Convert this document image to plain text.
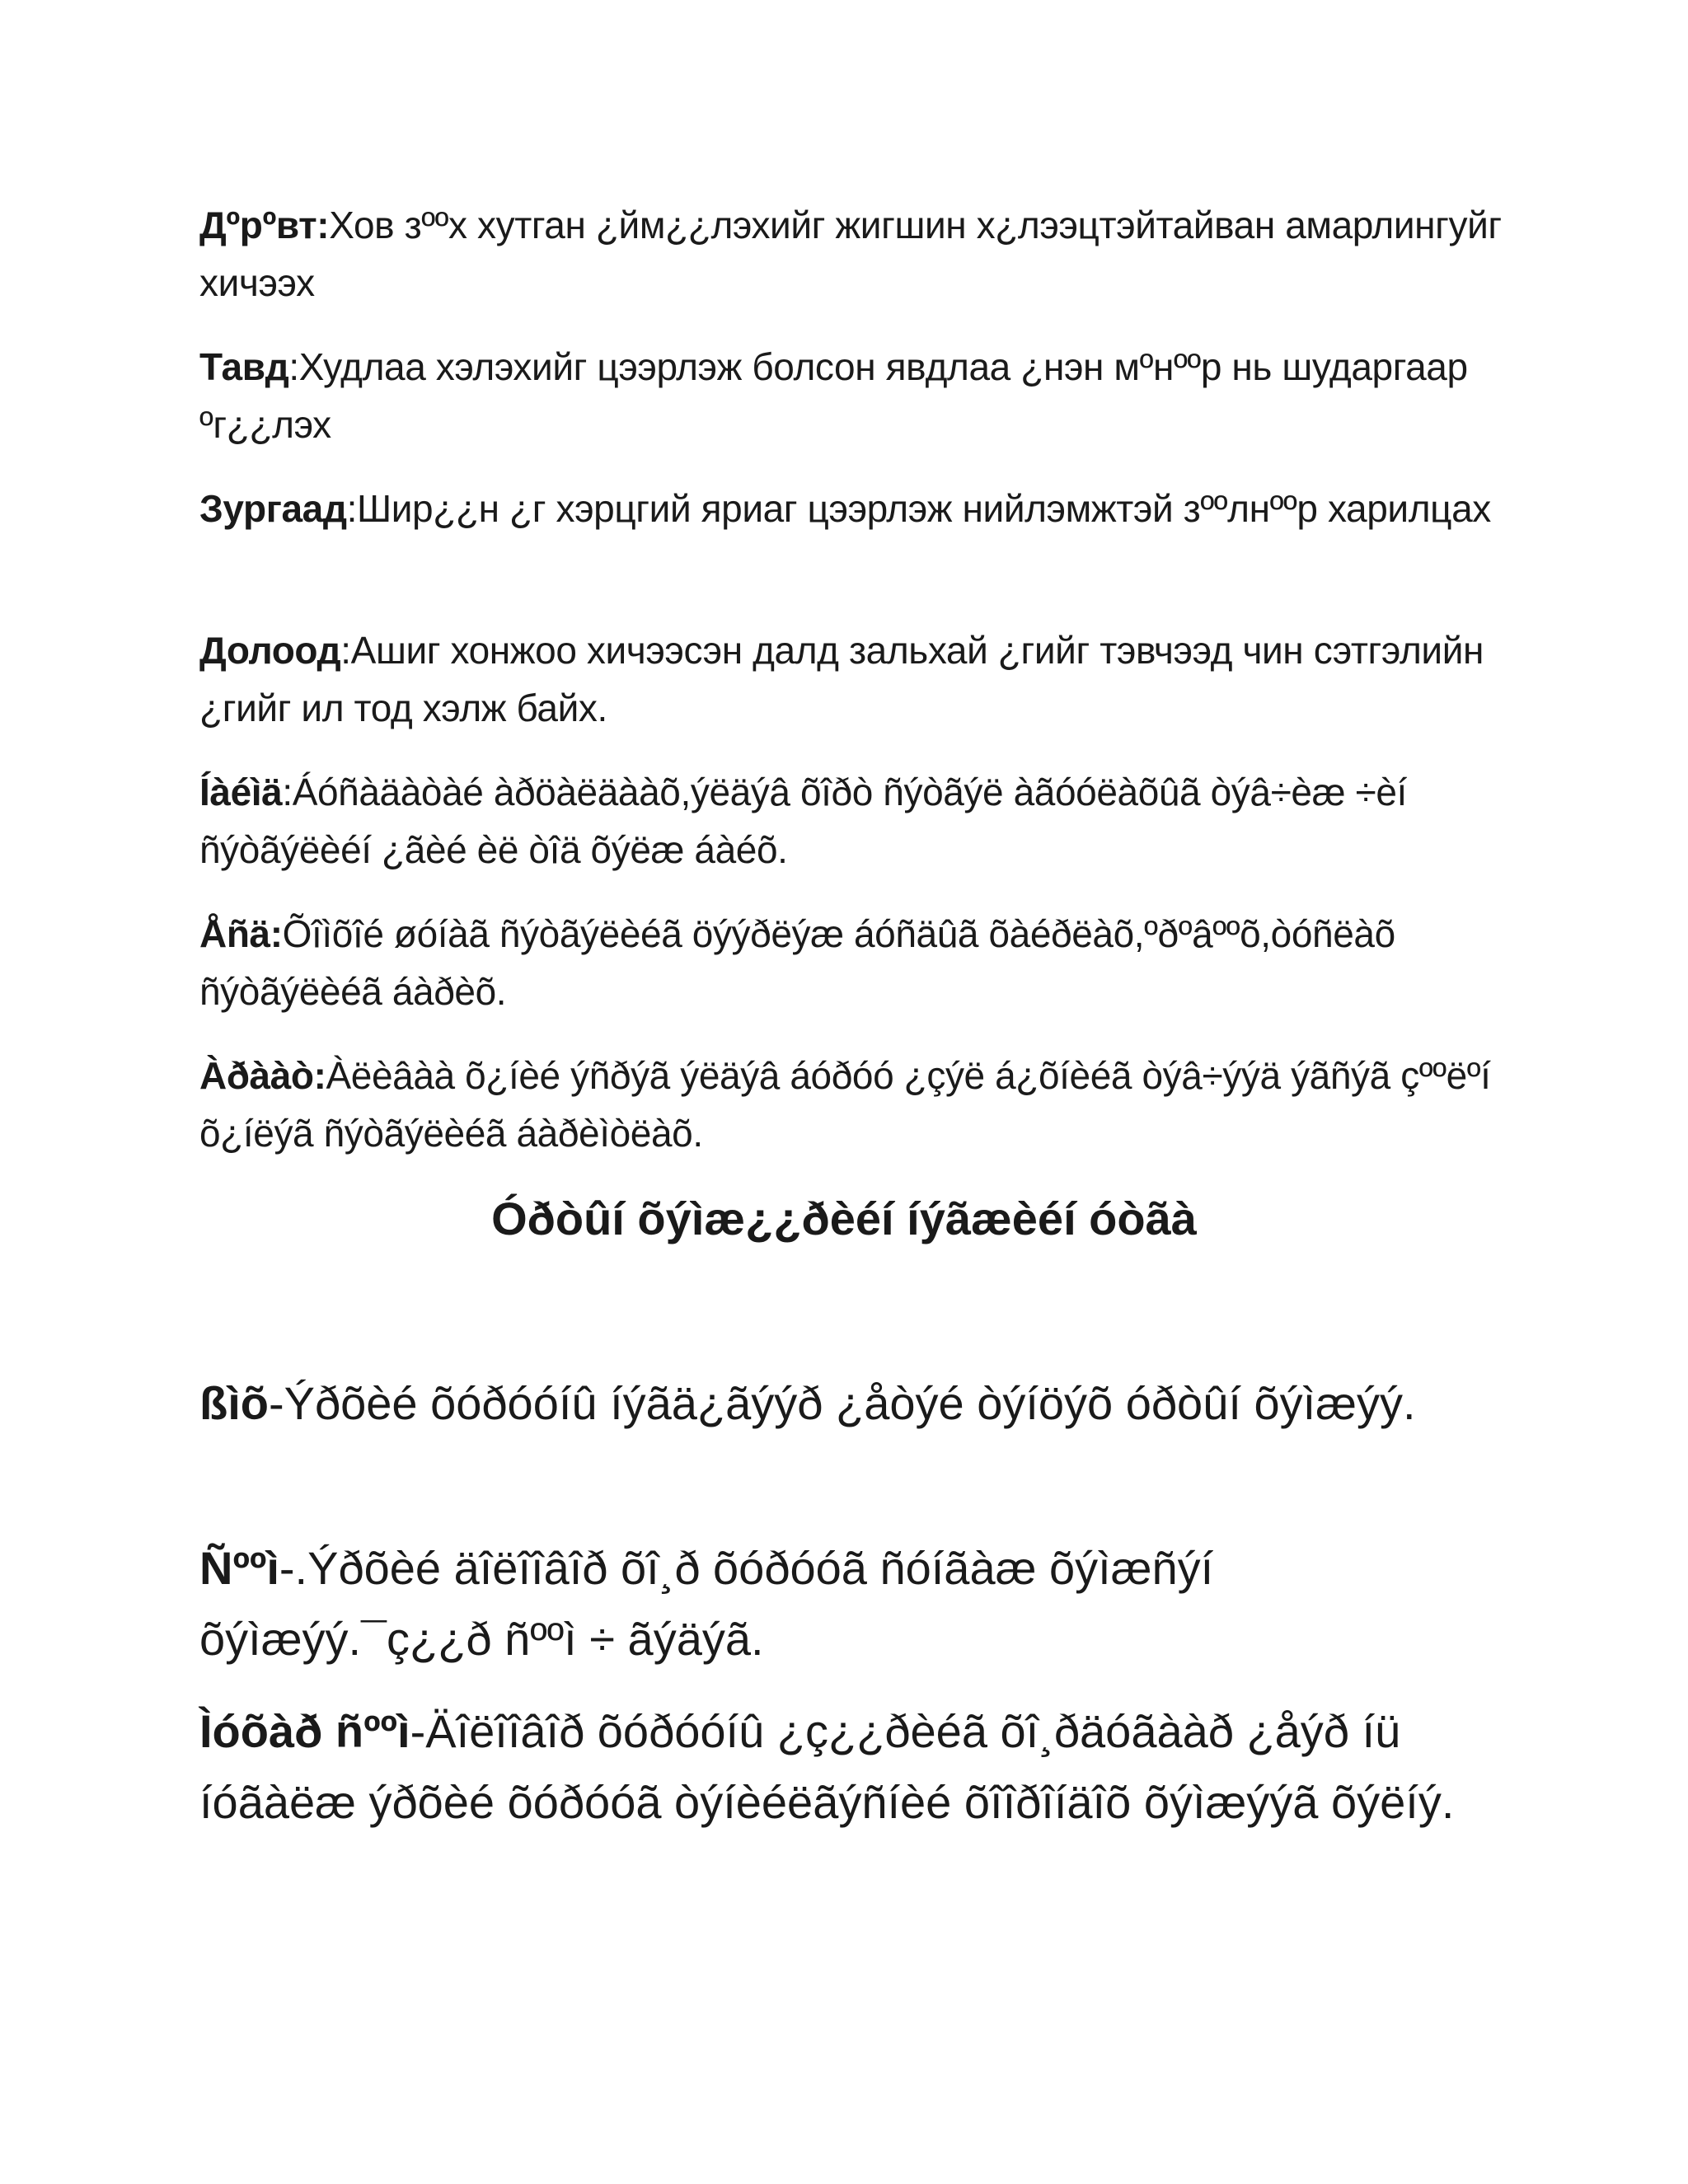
Дºрºвт:Хов зººх хутган ¿йм¿¿лэхийг жигшин х¿лээцтэйтайван амарлингуйг хичээх

Тавд:Худлаа хэлэхийг цээрлэж болсон явдлаа ¿нэн мºнººр нь шударгаар ºг¿¿лэх

Зургаад:Шир¿¿н ¿г хэрцгий яриаг цээрлэж нийлэмжтэй зººлнººр харилцах

Долоод:Ашиг хонжоо хичээсэн далд зальхай ¿гийг тэвчээд чин сэтгэлийн ¿гийг ил тод хэлж байх.

Íàéìä:Áóñàäàòàé àðöàëäààõ,ýëäýâ õîðò ñýòãýë àãóóëàõûã òýâ÷èæ ÷èí ñýòãýëèéí ¿ãèé èë òîä õýëæ áàéõ.

Åñä:Õîìõîé øóíàã ñýòãýëèéã öýýðëýæ áóñäûã õàéðëàõ,ºðºâººõ,òóñëàõ ñýòãýëèéã áàðèõ.

Àðààò:Àëèâàà õ¿íèé ýñðýã ýëäýâ áóðóó ¿çýë á¿õíèéã òýâ÷ýýä ýãñýã çººëºí õ¿íëýã ñýòãýëèéã áàðèìòëàõ.

Óðòûí õýìæ¿¿ðèéí íýãæèéí óòãà

ßìõ-Ýðõèé õóðóóíû íýãä¿ãýýð ¿åòýé òýíöýõ óðòûí õýìæýý.

Ñººì-.Ýðõèé äîëîîâîð õî¸ð õóðóóã ñóíãàæ õýìæñýí õýìæýý.¯ç¿¿ð ñººì ÷ ãýäýã.

Ìóõàð ñººì-Äîëîîâîð õóðóóíû ¿ç¿¿ðèéã õî¸ðäóãààð ¿åýð íü íóãàëæ ýðõèé õóðóóã òýíèéëãýñíèé õîîðîíäîõ õýìæýýã õýëíý.
